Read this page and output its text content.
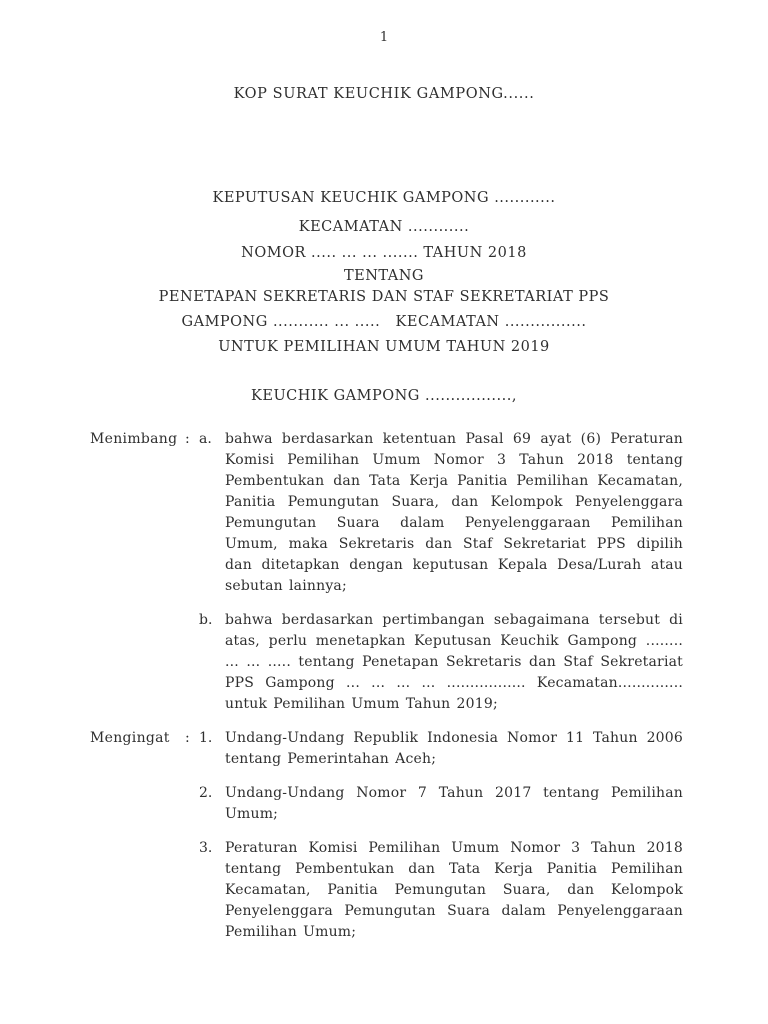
1
KOP SURAT KEUCHIK GAMPONG......
KEPUTUSAN KEUCHIK GAMPONG ............
KECAMATAN ............
NOMOR ..... ... ... ....... TAHUN 2018
TENTANG
PENETAPAN SEKRETARIS DAN STAF SEKRETARIAT PPS
GAMPONG ........... ... .....   KECAMATAN ................
UNTUK PEMILIHAN UMUM TAHUN 2019
KEUCHIK GAMPONG .................,
Menimbang : a. bahwa berdasarkan ketentuan Pasal 69 ayat (6) Peraturan Komisi Pemilihan Umum Nomor 3 Tahun 2018 tentang Pembentukan dan Tata Kerja Panitia Pemilihan Kecamatan, Panitia Pemungutan Suara, dan Kelompok Penyelenggara Pemungutan Suara dalam Penyelenggaraan Pemilihan Umum, maka Sekretaris dan Staf Sekretariat PPS dipilih dan ditetapkan dengan keputusan Kepala Desa/Lurah atau sebutan lainnya;
b. bahwa berdasarkan pertimbangan sebagaimana tersebut di atas, perlu menetapkan Keputusan Keuchik Gampong ........ ... ... ..... tentang Penetapan Sekretaris dan Staf Sekretariat PPS Gampong ... ... ... ... ................. Kecamatan.............. untuk Pemilihan Umum Tahun 2019;
Mengingat	: 1. Undang-Undang Republik Indonesia Nomor 11 Tahun 2006 tentang Pemerintahan Aceh;
2. Undang-Undang Nomor 7 Tahun 2017 tentang Pemilihan Umum;
3. Peraturan Komisi Pemilihan Umum Nomor 3 Tahun 2018 tentang Pembentukan dan Tata Kerja Panitia Pemilihan Kecamatan, Panitia Pemungutan Suara, dan Kelompok Penyelenggara Pemungutan Suara dalam Penyelenggaraan Pemilihan Umum;
